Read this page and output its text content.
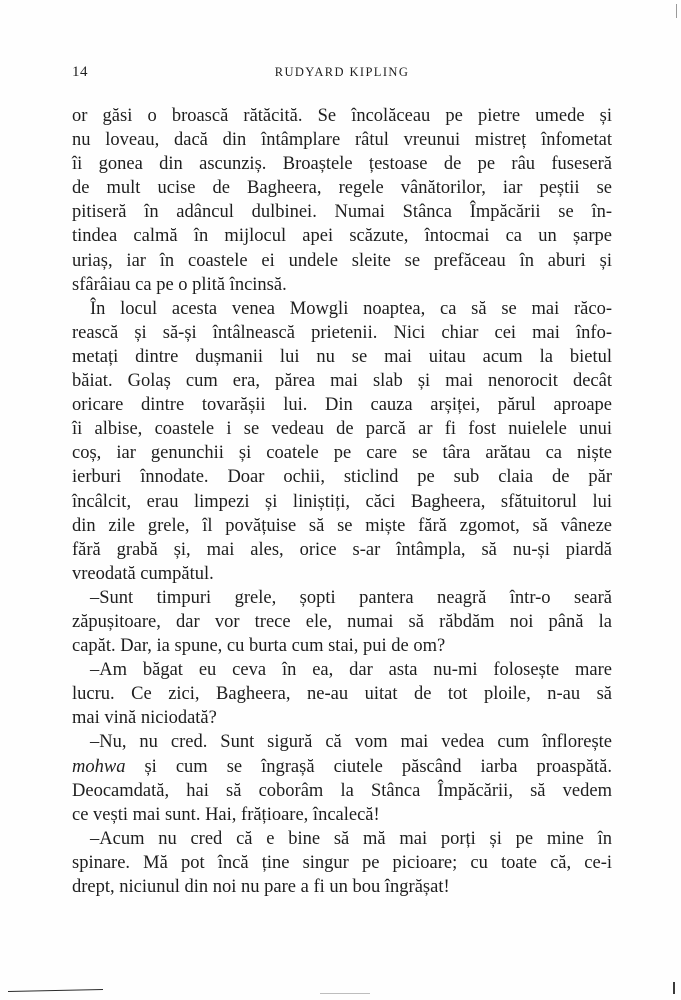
14	RUDYARD KIPLING
or găsi o broască rătăcită. Se încolăceau pe pietre umede și
nu loveau, dacă din întâmplare râtul vreunui mistreț înfometat
îi gonea din ascunziș. Broaștele țestoase de pe râu fuseseră
de mult ucise de Bagheera, regele vânătorilor, iar peștii se
pitiseră în adâncul dulbinei. Numai Stânca Împăcării se în-
tindea calmă în mijlocul apei scăzute, întocmai ca un șarpe
uriaș, iar în coastele ei undele sleite se prefăceau în aburi și
sfârâiau ca pe o plită încinsă.
În locul acesta venea Mowgli noaptea, ca să se mai răco-
rească și să-și întâlnească prietenii. Nici chiar cei mai înfo-
metați dintre dușmanii lui nu se mai uitau acum la bietul
băiat. Golaș cum era, părea mai slab și mai nenorocit decât
oricare dintre tovarășii lui. Din cauza arșiței, părul aproape
îi albise, coastele i se vedeau de parcă ar fi fost nuielele unui
coș, iar genunchii și coatele pe care se târa arătau ca niște
ierburi înnodate. Doar ochii, sticlind pe sub claia de păr
încâlcit, erau limpezi și liniștiți, căci Bagheera, sfătuitorul lui
din zile grele, îl povățuise să se miște fără zgomot, să vâneze
fără grabă și, mai ales, orice s-ar întâmpla, să nu-și piardă
vreodată cumpătul.
–Sunt timpuri grele, șopti pantera neagră într-o seară
zăpușitoare, dar vor trece ele, numai să răbdăm noi până la
capăt. Dar, ia spune, cu burta cum stai, pui de om?
–Am băgat eu ceva în ea, dar asta nu-mi folosește mare
lucru. Ce zici, Bagheera, ne-au uitat de tot ploile, n-au să
mai vină niciodată?
–Nu, nu cred. Sunt sigură că vom mai vedea cum înflorește
mohwa și cum se îngrașă ciutele păscând iarba proaspătă.
Deocamdată, hai să coborâm la Stânca Împăcării, să vedem
ce vești mai sunt. Hai, frățioare, încalecă!
–Acum nu cred că e bine să mă mai porți și pe mine în
spinare. Mă pot încă ține singur pe picioare; cu toate că, ce-i
drept, niciunul din noi nu pare a fi un bou îngrășat!
